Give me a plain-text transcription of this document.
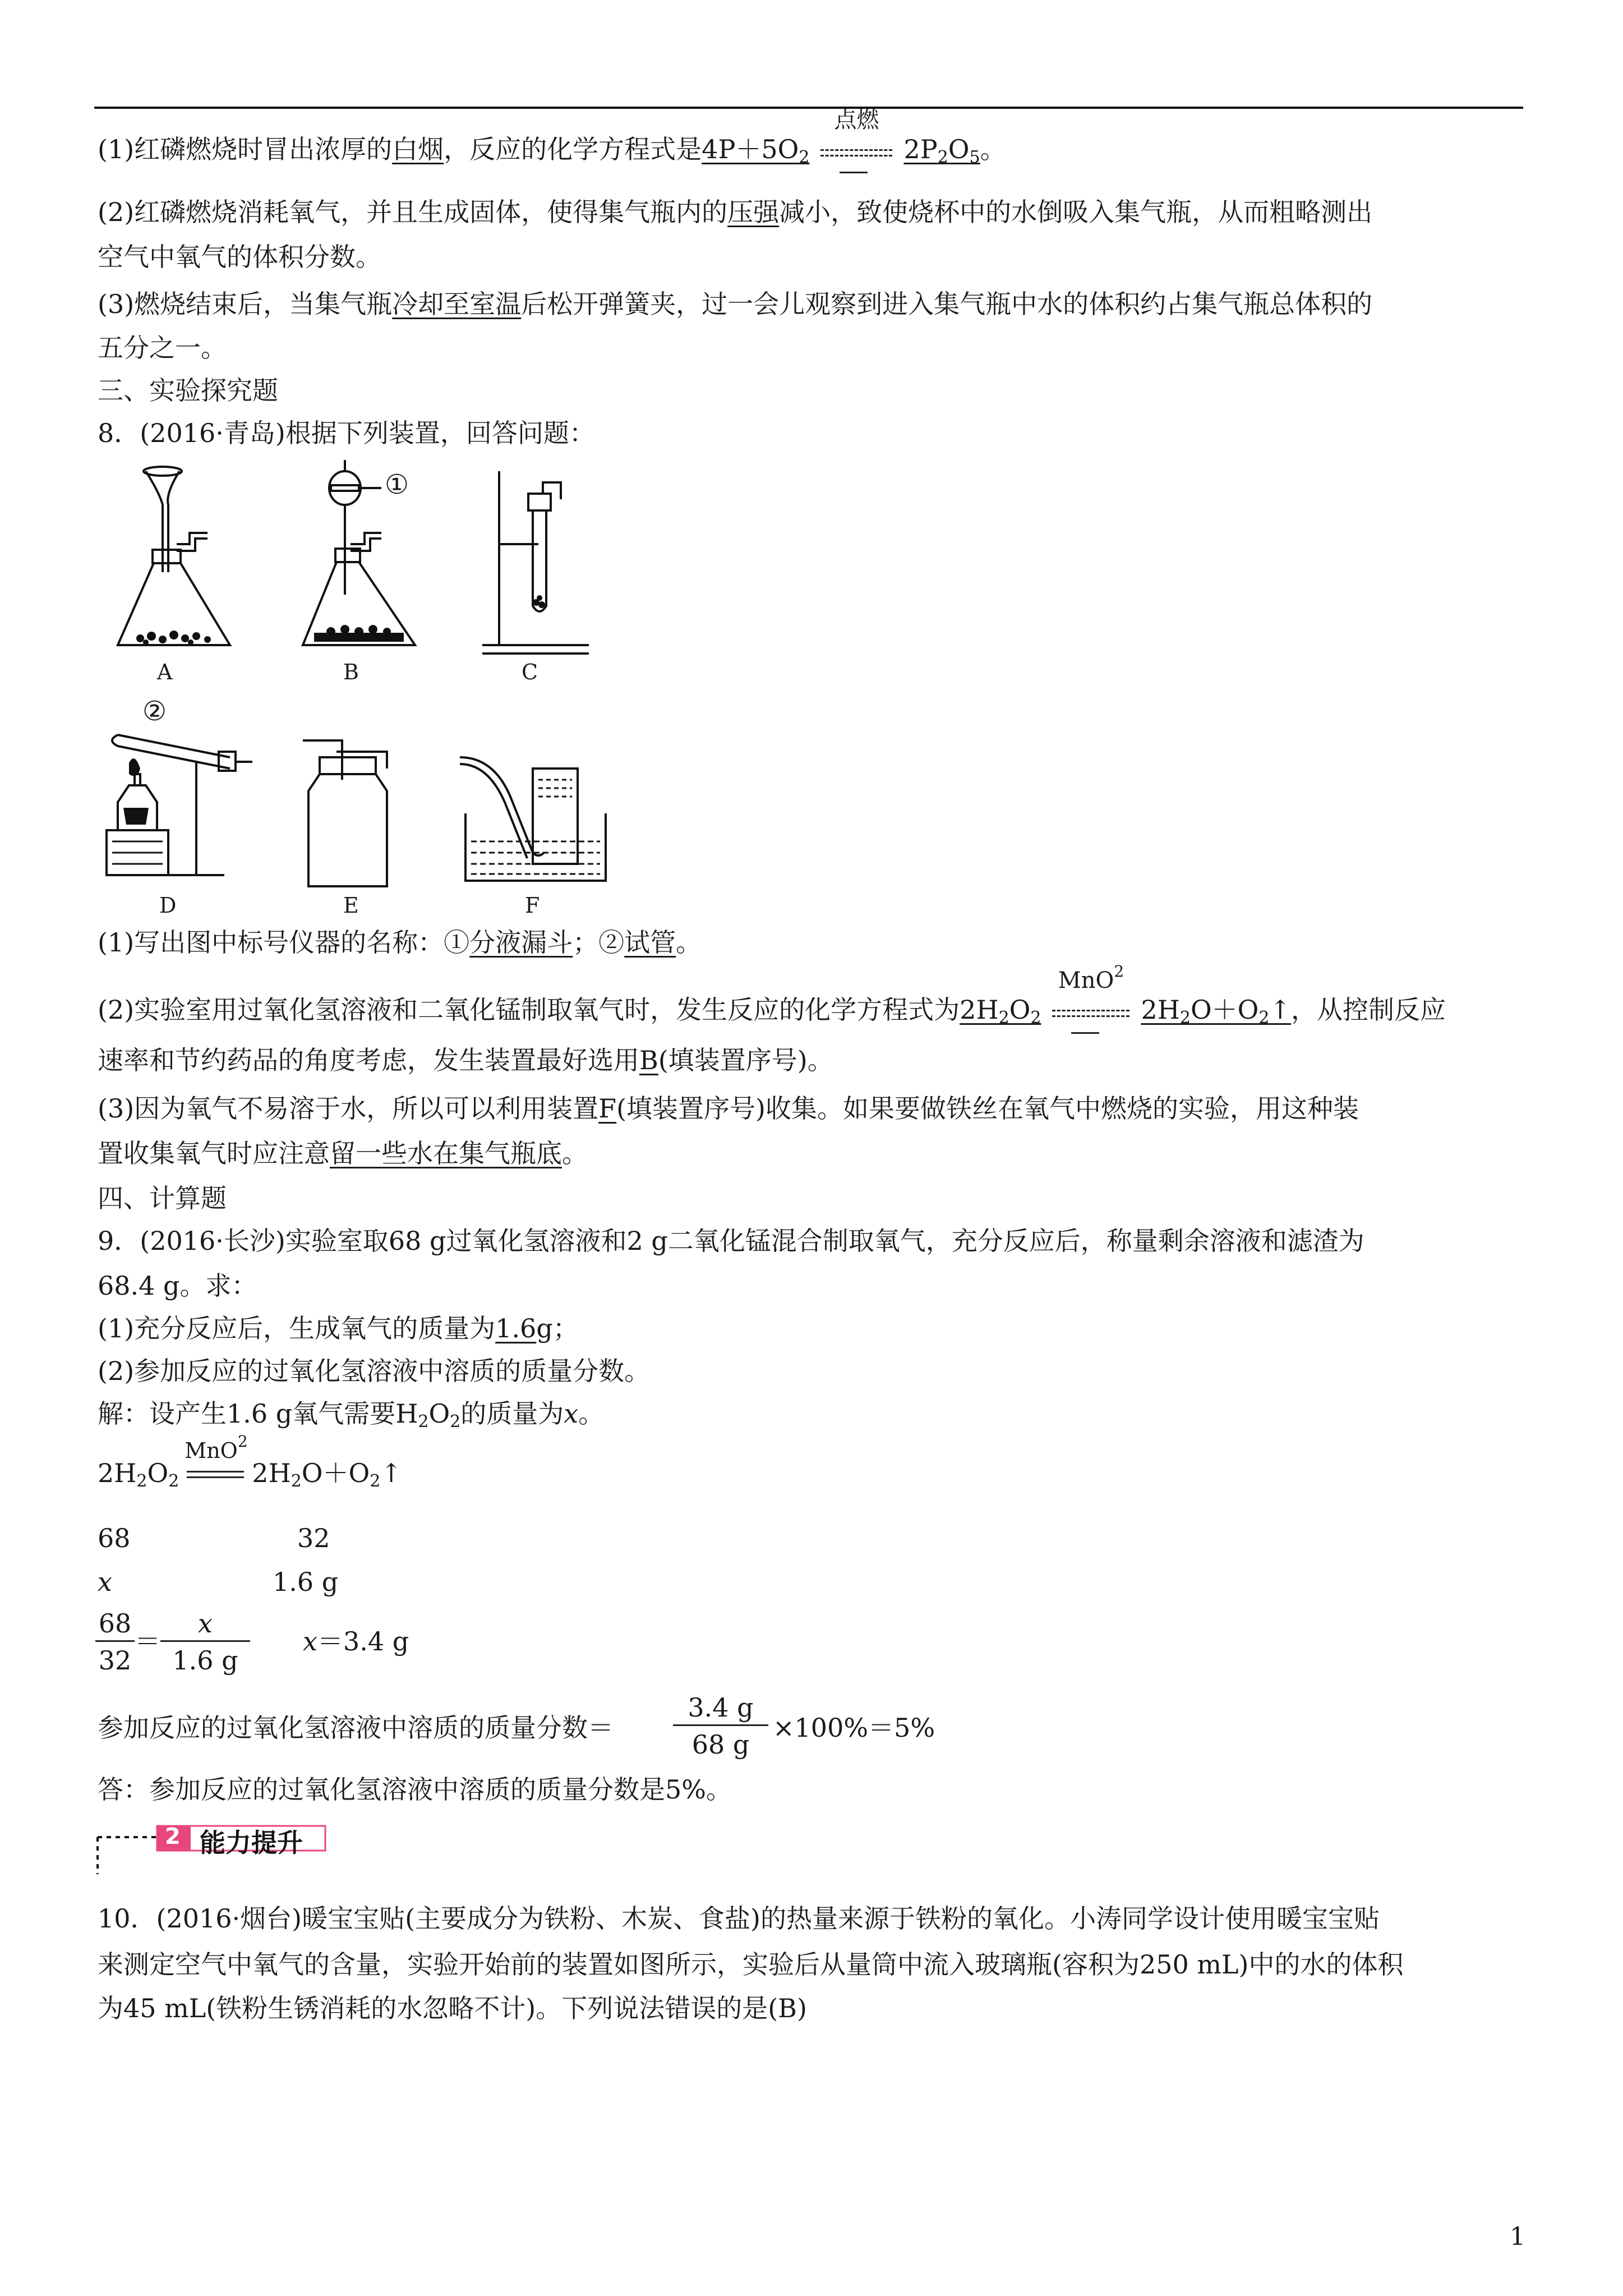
(1)红磷燃烧时冒出浓厚的白烟，反应的化学方程式是$4P+5O_2$
点燃
$2P_2O_5$。
(2)红磷燃烧消耗氧气，并且生成固体，使得集气瓶内的压强减小，致使烧杯中的水倒吸入集气瓶，从而粗略测出
空气中氧气的体积分数。
(3)燃烧结束后，当集气瓶冷却至室温后松开弹簧夹，过一会儿观察到进入集气瓶中水的体积约占集气瓶总体积的
五分之一。
三、实验探究题
8．(2016·青岛)根据下列装置，回答问题：
A	B
①
C
②
D	E	F
(1)写出图中标号仪器的名称：①分液漏斗；②试管。
(2)实验室用过氧化氢溶液和二氧化锰制取氧气时，发生反应的化学方程式为$2H_2O_2$
MnO$^2$
$2H_2O+O_2↑$，从控制反应
速率和节约药品的角度考虑，发生装置最好选用B(填装置序号)。
(3)因为氧气不易溶于水，所以可以利用装置F(填装置序号)收集。如果要做铁丝在氧气中燃烧的实验，用这种装
置收集氧气时应注意留一些水在集气瓶底。
四、计算题
9．(2016·长沙)实验室取68 g过氧化氢溶液和2 g二氧化锰混合制取氧气，充分反应后，称量剩余溶液和滤渣为
68.4 g。求：
(1)充分反应后，生成氧气的质量为1.6g；
(2)参加反应的过氧化氢溶液中溶质的质量分数。
解：设产生1.6 g氧气需要$H_2O_2$的质量为x。
$2H_2O_2$
MnO$^2$
$2H_2O+O_2↑$
68	32
x	1.6 g
68
32
＝
x
1.6 g
x＝3.4 g
参加反应的过氧化氢溶液中溶质的质量分数＝
3.4 g
68 g
×100%＝5%
答：参加反应的过氧化氢溶液中溶质的质量分数是5%。
2 能力提升
10．(2016·烟台)暖宝宝贴(主要成分为铁粉、木炭、食盐)的热量来源于铁粉的氧化。小涛同学设计使用暖宝宝贴
来测定空气中氧气的含量，实验开始前的装置如图所示，实验后从量筒中流入玻璃瓶(容积为250 mL)中的水的体积
为45 mL(铁粉生锈消耗的水忽略不计)。下列说法错误的是(B)
1
